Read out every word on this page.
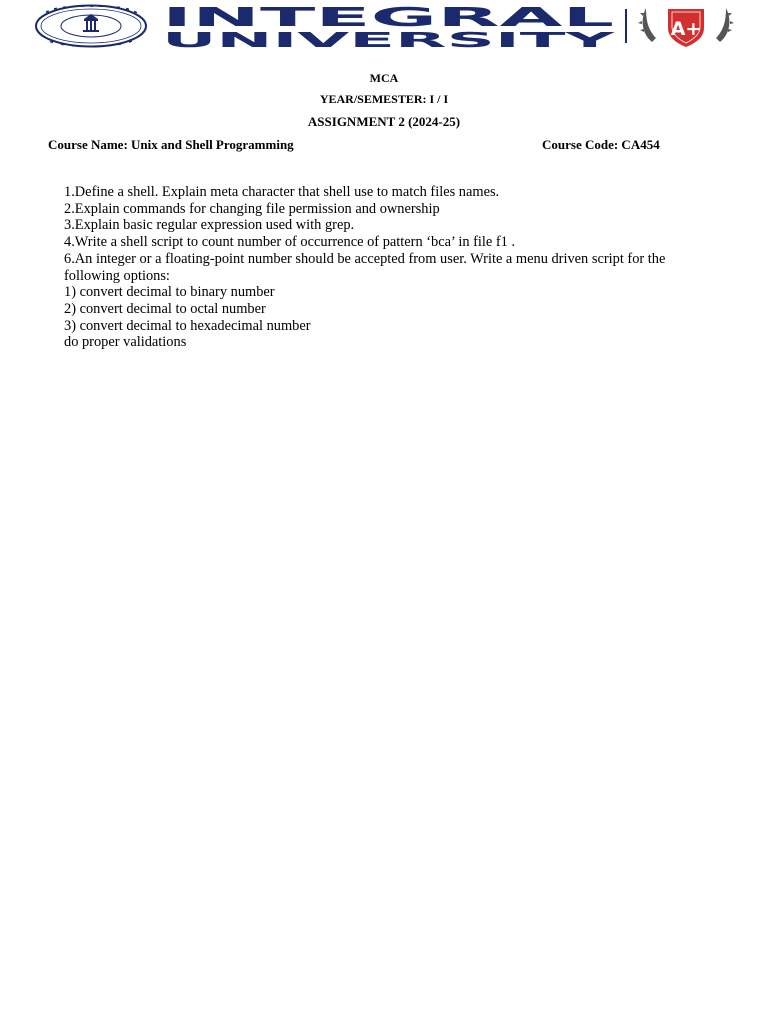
INTEGRAL
UNIVERSITY	A+
MCA
YEAR/SEMESTER: I / I
ASSIGNMENT 2 (2024-25)
Course Name: Unix and Shell Programming	Course Code: CA454
1.Define a shell. Explain meta character that shell use to match files names.
2.Explain commands for changing file permission and ownership
3.Explain basic regular expression used with grep.
4.Write a shell script to count number of occurrence of pattern ‘bca’ in file f1 .
6.An integer or a floating-point number should be accepted from user. Write a menu driven script for the following options:
1) convert decimal to binary number
2) convert decimal to octal number
3) convert decimal to hexadecimal number
do proper validations
